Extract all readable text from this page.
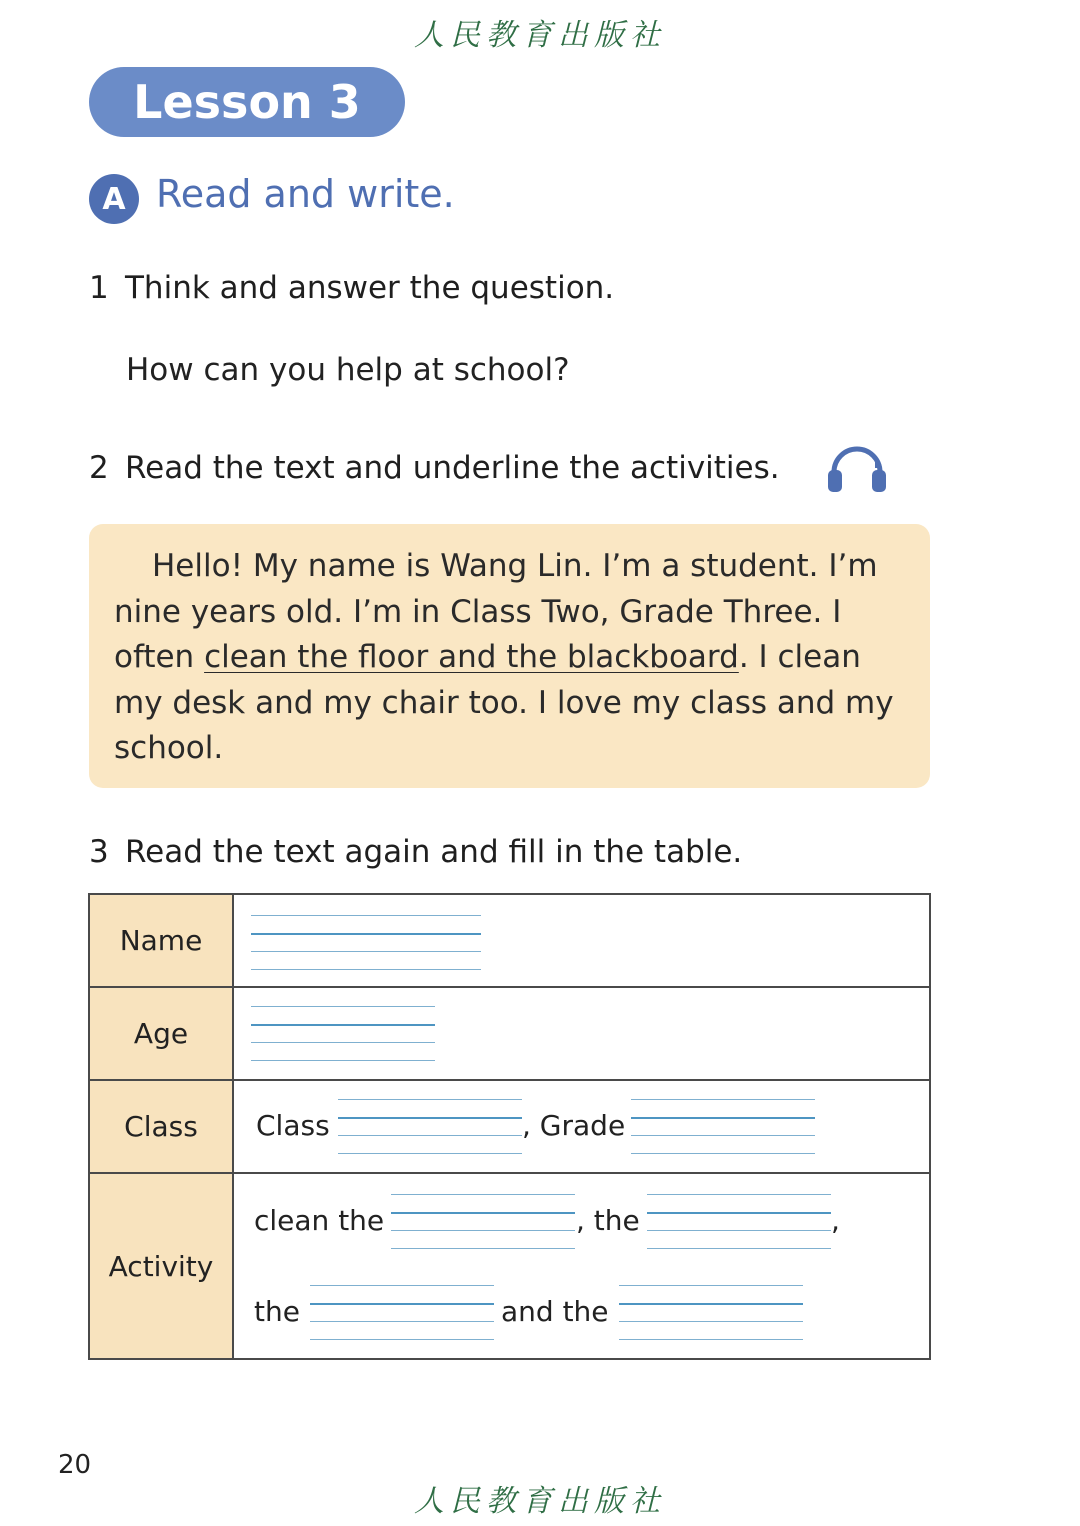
人民教育出版社
Lesson 3
A Read and write.
1 Think and answer the question.
How can you help at school?
2 Read the text and underline the activities.

Hello! My name is Wang Lin. I’m a student. I’m nine years old. I’m in Class Two, Grade Three. I often clean the floor and the blackboard. I clean my desk and my chair too. I love my class and my school.

3 Read the text again and fill in the table.
Name	

Age	

Class	Class , Grade

Activity	clean the , the ,
the and the
20
人民教育出版社
